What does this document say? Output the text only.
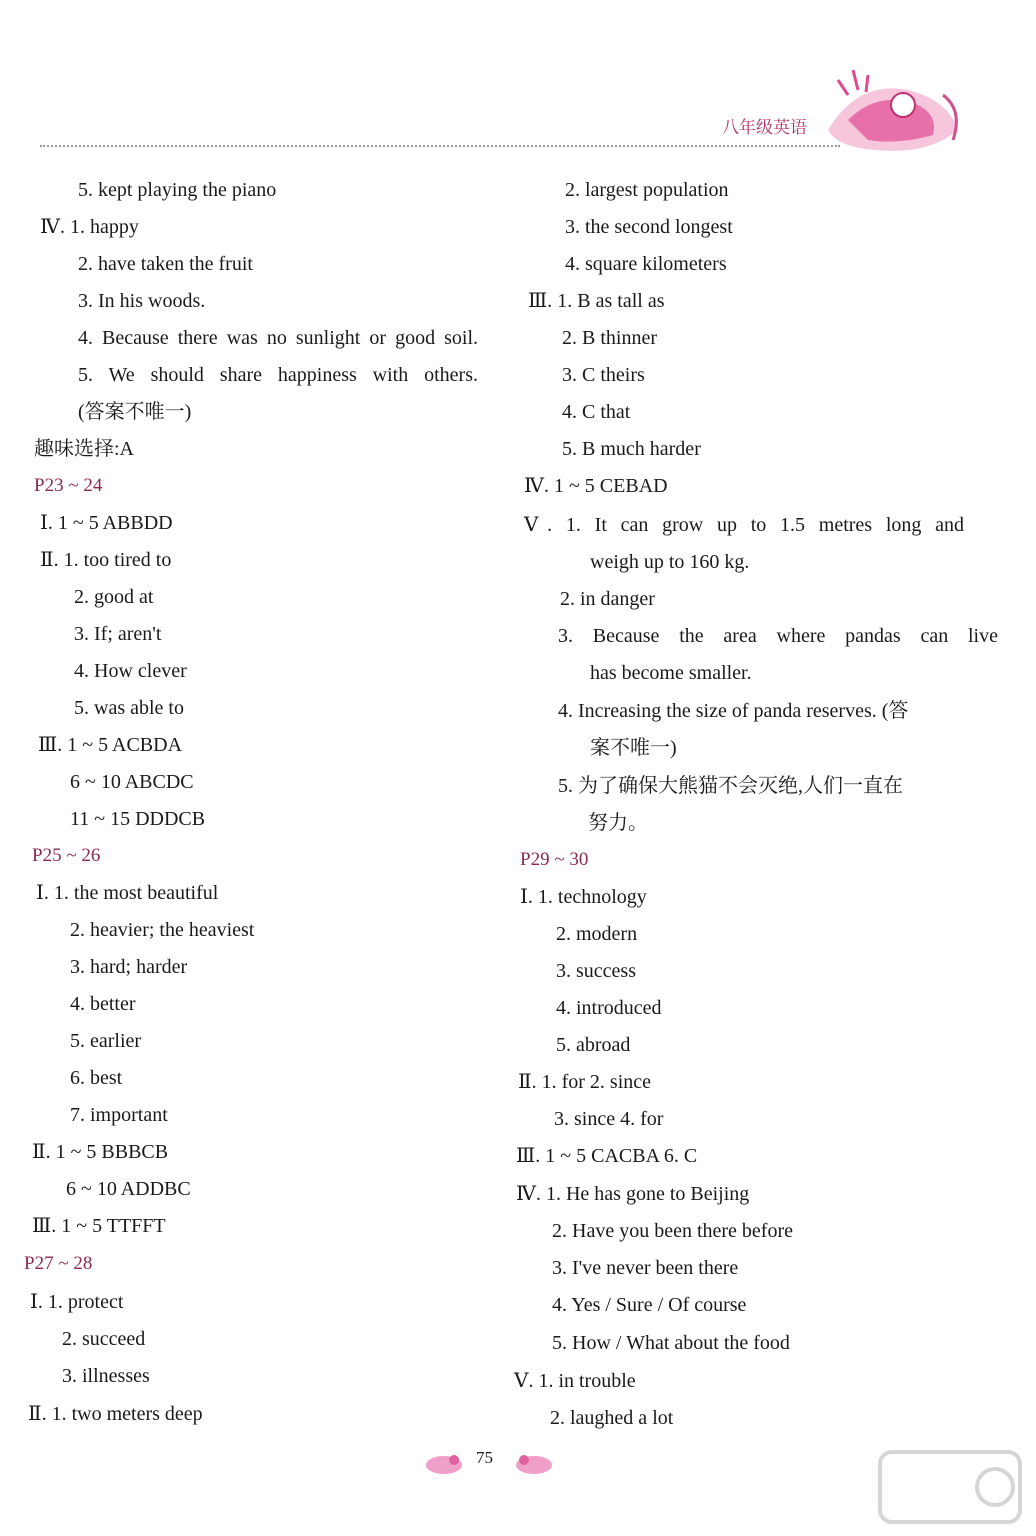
八年级英语
5. kept playing the piano
Ⅳ. 1. happy
2. have taken the fruit
3. In his woods.
4. Because there was no sunlight or good soil.
5. We should share happiness with others.
(答案不唯一)
趣味选择:A
P23 ~ 24
Ⅰ. 1 ~ 5 ABBDD
Ⅱ. 1. too tired to
2. good at
3. If; aren't
4. How clever
5. was able to
Ⅲ. 1 ~ 5 ACBDA
6 ~ 10 ABCDC
11 ~ 15 DDDCB
P25 ~ 26
Ⅰ. 1. the most beautiful
2. heavier; the heaviest
3. hard; harder
4. better
5. earlier
6. best
7. important
Ⅱ. 1 ~ 5 BBBCB
6 ~ 10 ADDBC
Ⅲ. 1 ~ 5 TTFFT
P27 ~ 28
Ⅰ. 1. protect
2. succeed
3. illnesses
Ⅱ. 1. two meters deep
2. largest population
3. the second longest
4. square kilometers
Ⅲ. 1. B as tall as
2. B thinner
3. C theirs
4. C that
5. B much harder
Ⅳ. 1 ~ 5 CEBAD
Ⅴ. 1. It can grow up to 1.5 metres long and
weigh up to 160 kg.
2. in danger
3. Because the area where pandas can live
has become smaller.
4. Increasing the size of panda reserves. (答
案不唯一)
5. 为了确保大熊猫不会灭绝,人们一直在
努力。
P29 ~ 30
Ⅰ. 1. technology
2. modern
3. success
4. introduced
5. abroad
Ⅱ. 1. for 2. since
3. since 4. for
Ⅲ. 1 ~ 5 CACBA 6. C
Ⅳ. 1. He has gone to Beijing
2. Have you been there before
3. I've never been there
4. Yes / Sure / Of course
5. How / What about the food
Ⅴ. 1. in trouble
2. laughed a lot
75
